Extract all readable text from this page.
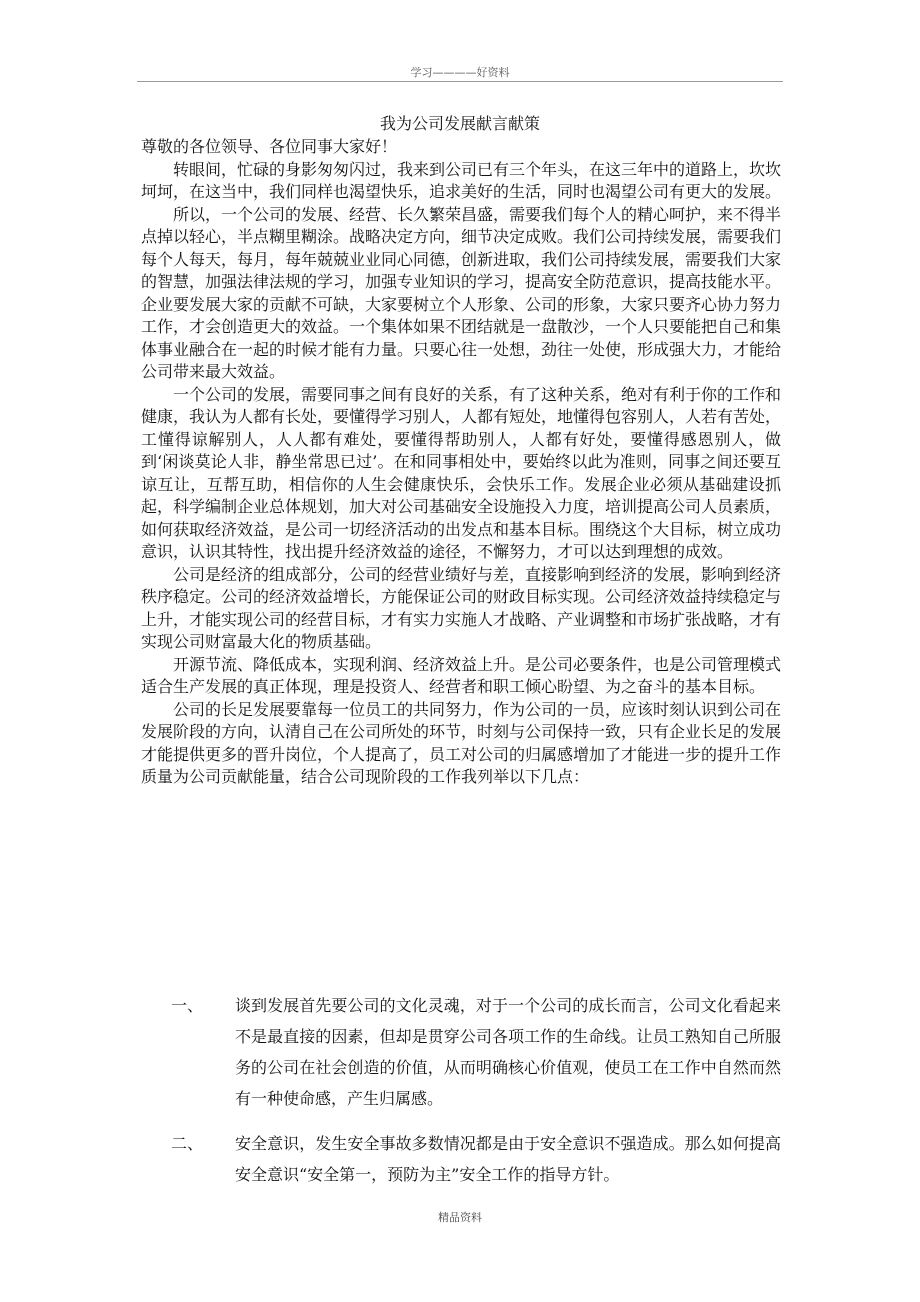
学习————好资料
我为公司发展献言献策

尊敬的各位领导、各位同事大家好！

转眼间，忙碌的身影匆匆闪过，我来到公司已有三个年头，在这三年中的道路上，坎坎坷坷，在这当中，我们同样也渴望快乐，追求美好的生活，同时也渴望公司有更大的发展。

所以，一个公司的发展、经营、长久繁荣昌盛，需要我们每个人的精心呵护，来不得半点掉以轻心，半点糊里糊涂。战略决定方向，细节决定成败。我们公司持续发展，需要我们每个人每天，每月，每年兢兢业业同心同德，创新进取，我们公司持续发展，需要我们大家的智慧，加强法律法规的学习，加强专业知识的学习，提高安全防范意识，提高技能水平。企业要发展大家的贡献不可缺，大家要树立个人形象、公司的形象，大家只要齐心协力努力工作，才会创造更大的效益。一个集体如果不团结就是一盘散沙，一个人只要能把自己和集体事业融合在一起的时候才能有力量。只要心往一处想，劲往一处使，形成强大力，才能给公司带来最大效益。

一个公司的发展，需要同事之间有良好的关系，有了这种关系，绝对有利于你的工作和健康，我认为人都有长处，要懂得学习别人，人都有短处，地懂得包容别人，人若有苦处，工懂得谅解别人，人人都有难处，要懂得帮助别人，人都有好处，要懂得感恩别人，做到‘闲谈莫论人非，静坐常思已过’。在和同事相处中，要始终以此为准则，同事之间还要互谅互让，互帮互助，相信你的人生会健康快乐，会快乐工作。发展企业必须从基础建设抓起，科学编制企业总体规划，加大对公司基础安全设施投入力度，培训提高公司人员素质，如何获取经济效益，是公司一切经济活动的出发点和基本目标。围绕这个大目标，树立成功意识，认识其特性，找出提升经济效益的途径，不懈努力，才可以达到理想的成效。

公司是经济的组成部分，公司的经营业绩好与差，直接影响到经济的发展，影响到经济秩序稳定。公司的经济效益增长，方能保证公司的财政目标实现。公司经济效益持续稳定与上升，才能实现公司的经营目标，才有实力实施人才战略、产业调整和市场扩张战略，才有实现公司财富最大化的物质基础。

开源节流、降低成本，实现利润、经济效益上升。是公司必要条件，也是公司管理模式适合生产发展的真正体现，理是投资人、经营者和职工倾心盼望、为之奋斗的基本目标。

公司的长足发展要靠每一位员工的共同努力，作为公司的一员，应该时刻认识到公司在发展阶段的方向，认清自己在公司所处的环节，时刻与公司保持一致，只有企业长足的发展才能提供更多的晋升岗位，个人提高了，员工对公司的归属感增加了才能进一步的提升工作质量为公司贡献能量，结合公司现阶段的工作我列举以下几点：

一、 谈到发展首先要公司的文化灵魂，对于一个公司的成长而言，公司文化看起来不是最直接的因素，但却是贯穿公司各项工作的生命线。让员工熟知自己所服务的公司在社会创造的价值，从而明确核心价值观，使员工在工作中自然而然有一种使命感，产生归属感。
二、 安全意识，发生安全事故多数情况都是由于安全意识不强造成。那么如何提高安全意识“安全第一，预防为主”安全工作的指导方针。
精品资料
